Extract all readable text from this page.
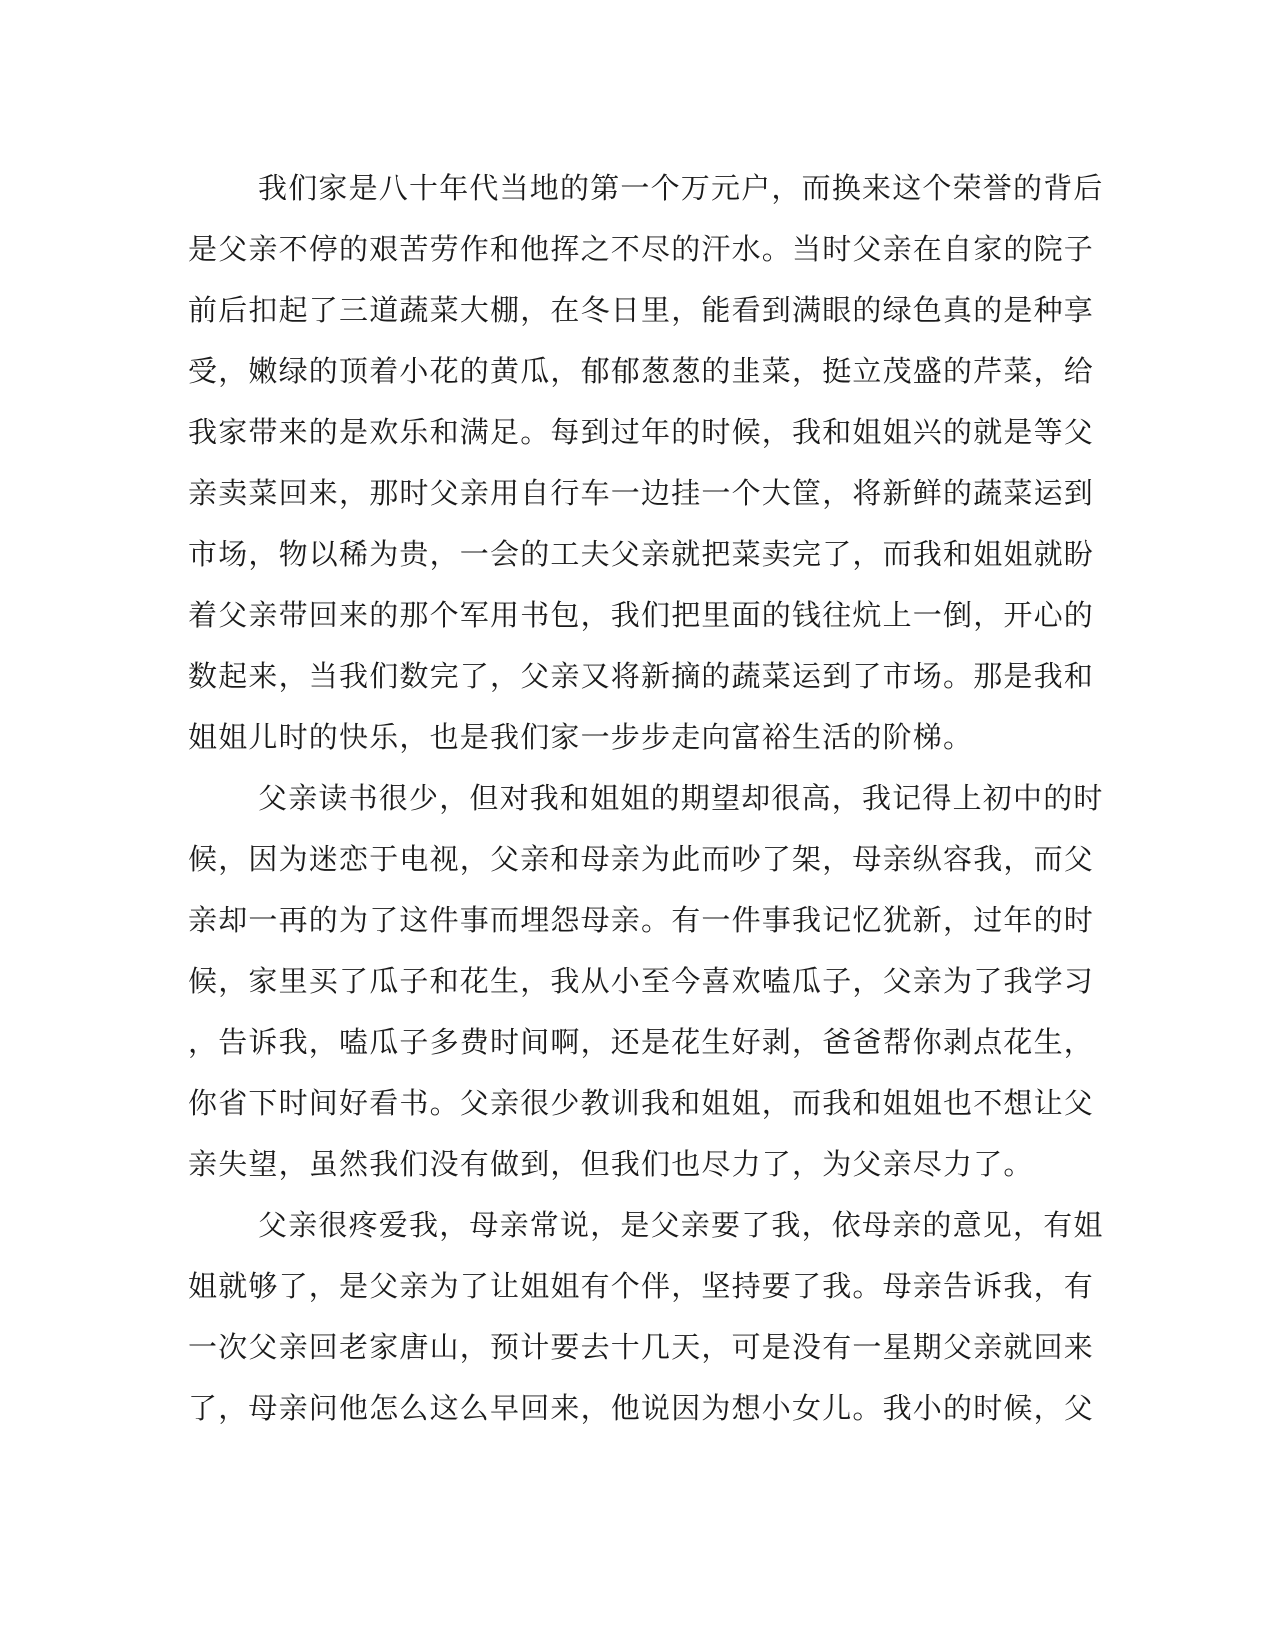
我们家是八十年代当地的第一个万元户，而换来这个荣誉的背后
是父亲不停的艰苦劳作和他挥之不尽的汗水。当时父亲在自家的院子
前后扣起了三道蔬菜大棚，在冬日里，能看到满眼的绿色真的是种享
受，嫩绿的顶着小花的黄瓜，郁郁葱葱的韭菜，挺立茂盛的芹菜，给
我家带来的是欢乐和满足。每到过年的时候，我和姐姐兴的就是等父
亲卖菜回来，那时父亲用自行车一边挂一个大筐，将新鲜的蔬菜运到
市场，物以稀为贵，一会的工夫父亲就把菜卖完了，而我和姐姐就盼
着父亲带回来的那个军用书包，我们把里面的钱往炕上一倒，开心的
数起来，当我们数完了，父亲又将新摘的蔬菜运到了市场。那是我和
姐姐儿时的快乐，也是我们家一步步走向富裕生活的阶梯。
父亲读书很少，但对我和姐姐的期望却很高，我记得上初中的时
候，因为迷恋于电视，父亲和母亲为此而吵了架，母亲纵容我，而父
亲却一再的为了这件事而埋怨母亲。有一件事我记忆犹新，过年的时
候，家里买了瓜子和花生，我从小至今喜欢嗑瓜子，父亲为了我学习
，告诉我，嗑瓜子多费时间啊，还是花生好剥，爸爸帮你剥点花生，
你省下时间好看书。父亲很少教训我和姐姐，而我和姐姐也不想让父
亲失望，虽然我们没有做到，但我们也尽力了，为父亲尽力了。
父亲很疼爱我，母亲常说，是父亲要了我，依母亲的意见，有姐
姐就够了，是父亲为了让姐姐有个伴，坚持要了我。母亲告诉我，有
一次父亲回老家唐山，预计要去十几天，可是没有一星期父亲就回来
了，母亲问他怎么这么早回来，他说因为想小女儿。我小的时候，父
